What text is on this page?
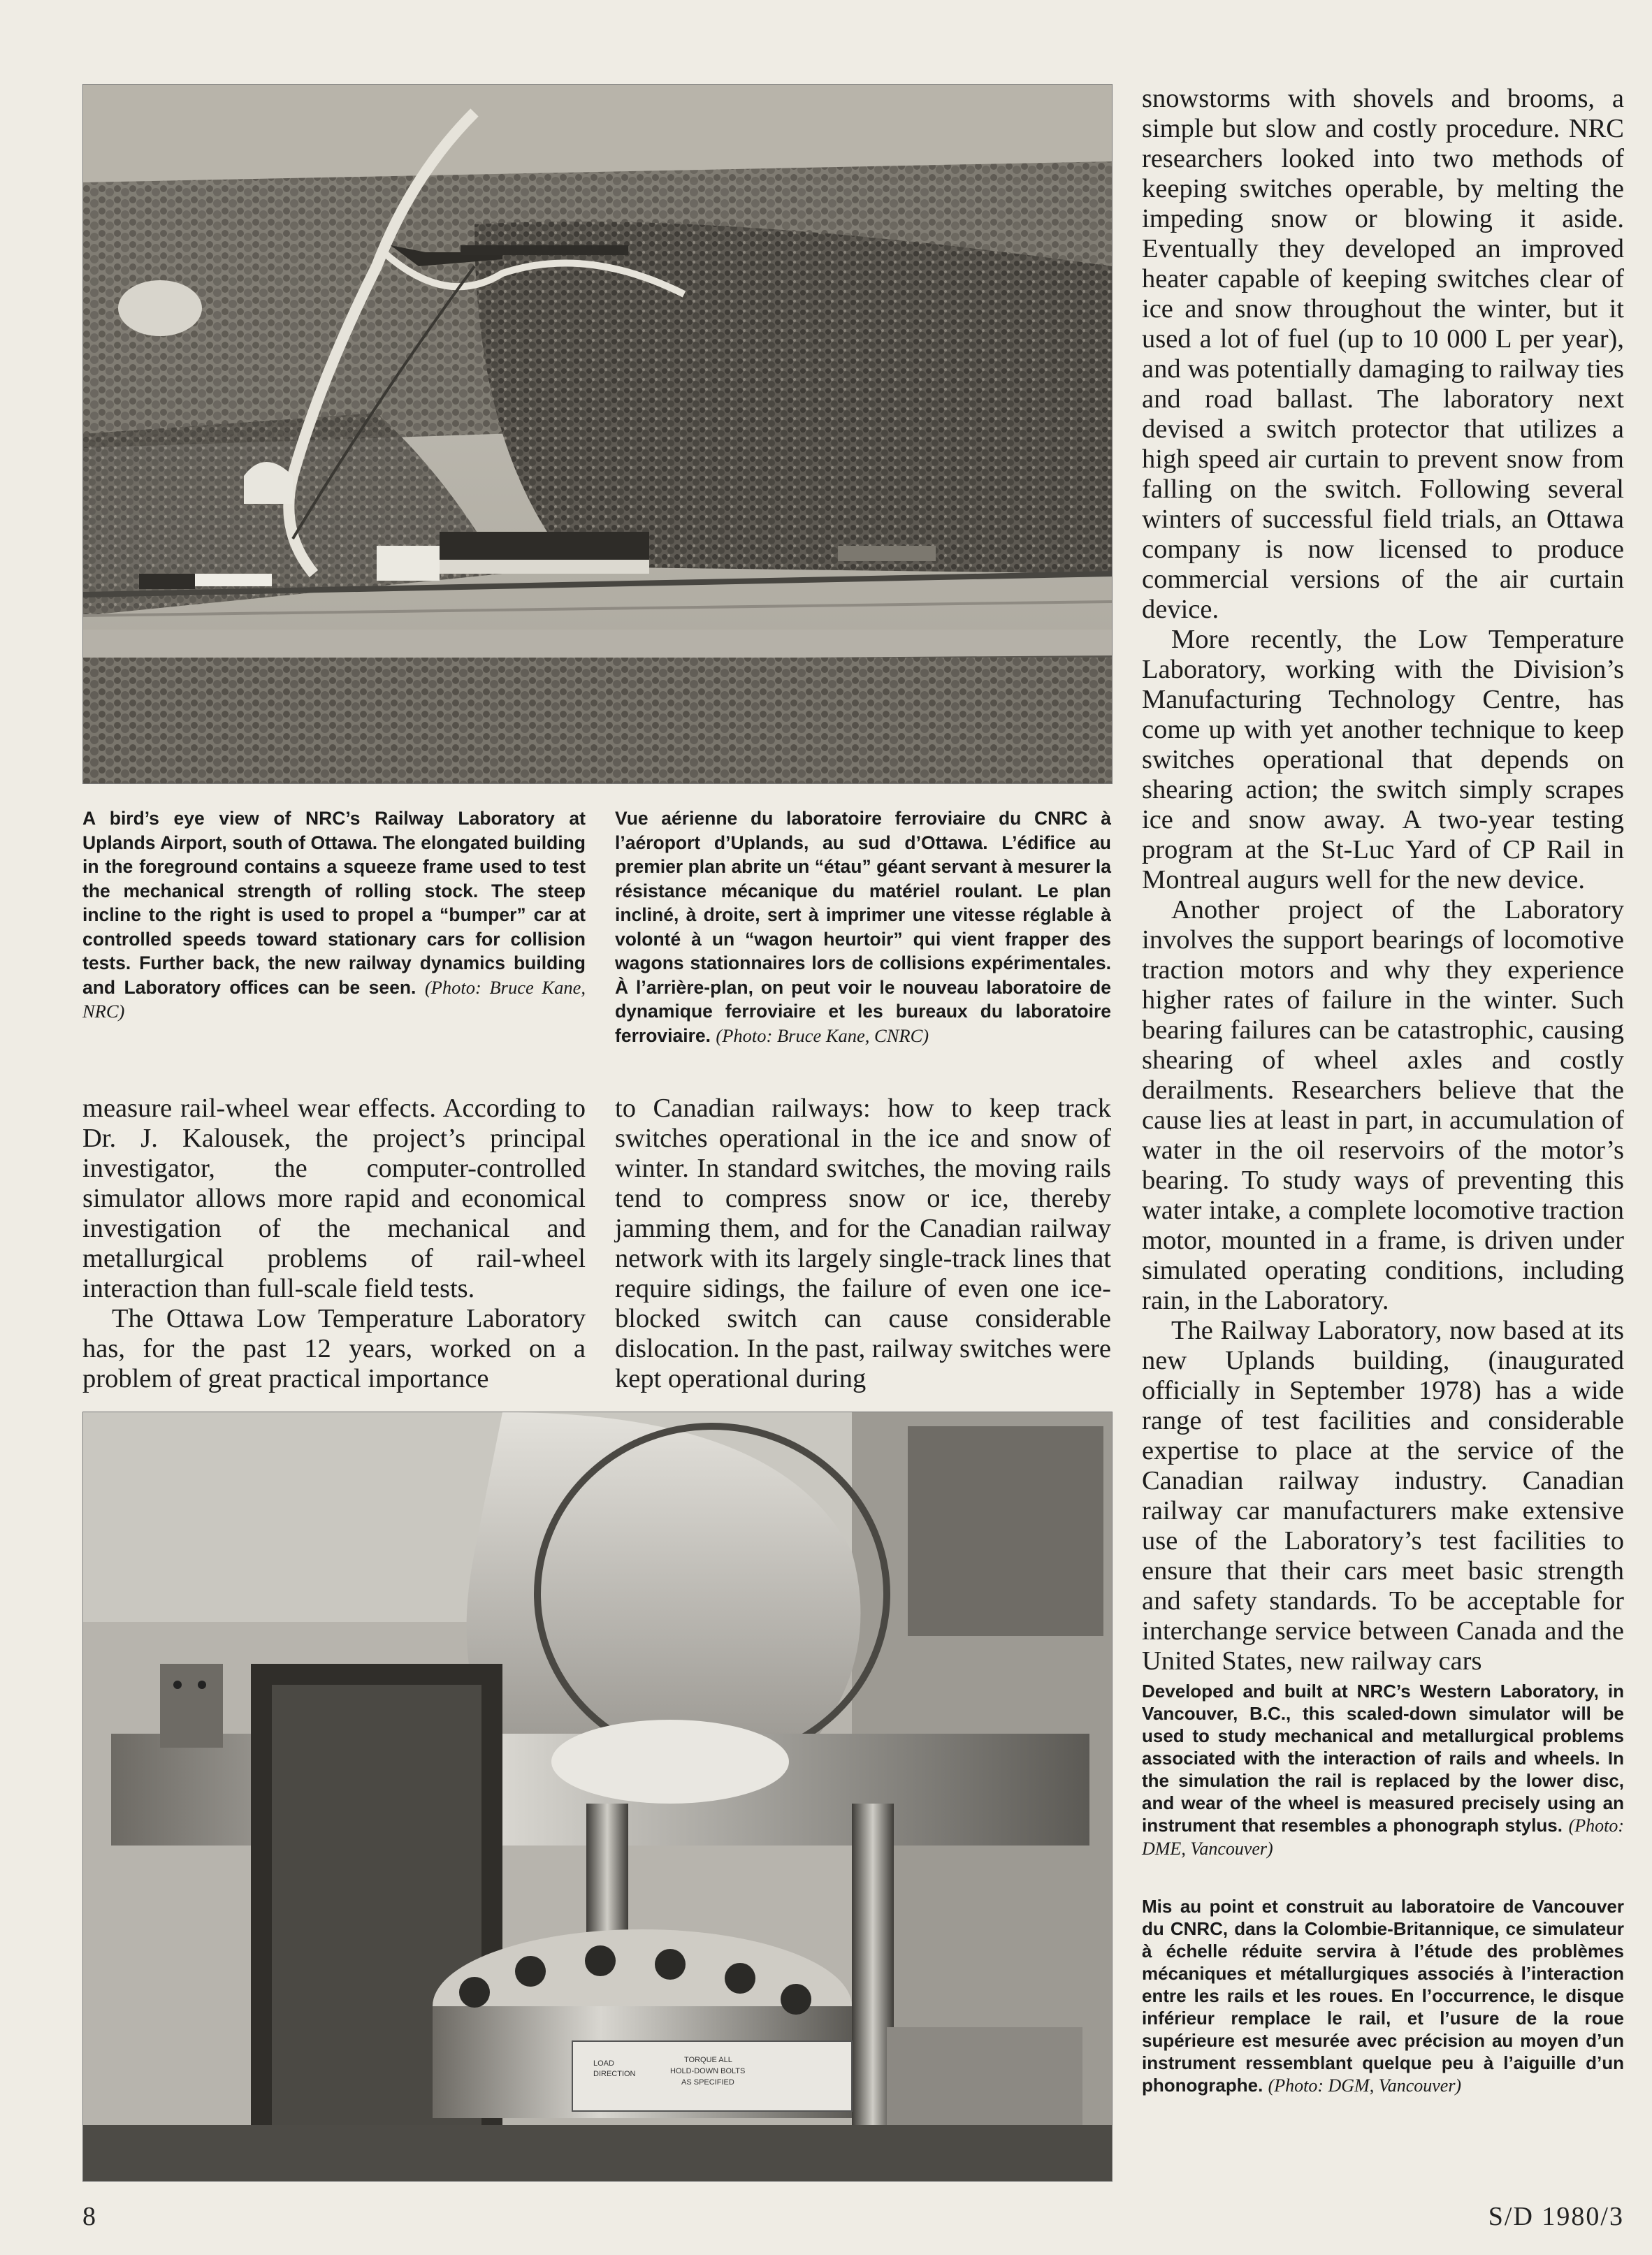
A bird’s eye view of NRC’s Railway Laboratory at Uplands Airport, south of Ottawa. The elongated building in the foreground contains a squeeze frame used to test the mechanical strength of rolling stock. The steep incline to the right is used to propel a “bumper” car at controlled speeds toward stationary cars for collision tests. Further back, the new railway dynamics building and Laboratory offices can be seen. (Photo: Bruce Kane, NRC)
Vue aérienne du laboratoire ferroviaire du CNRC à l’aéroport d’Uplands, au sud d’Ottawa. L’édifice au premier plan abrite un “étau” géant servant à mesurer la résistance mécanique du matériel roulant. Le plan incliné, à droite, sert à imprimer une vitesse réglable à volonté à un “wagon heurtoir” qui vient frapper des wagons stationnaires lors de collisions expérimentales. À l’arrière-plan, on peut voir le nouveau laboratoire de dynamique ferroviaire et les bureaux du laboratoire ferroviaire. (Photo: Bruce Kane, CNRC)

measure rail-wheel wear effects. According to Dr. J. Kalousek, the project’s principal investigator, the computer-controlled simulator allows more rapid and economical investigation of the mechanical and metallurgical problems of rail-wheel interaction than full-scale field tests.

The Ottawa Low Temperature Laboratory has, for the past 12 years, worked on a problem of great practical importance

to Canadian railways: how to keep track switches operational in the ice and snow of winter. In standard switches, the moving rails tend to compress snow or ice, thereby jamming them, and for the Canadian railway network with its largely single-track lines that require sidings, the failure of even one ice-blocked switch can cause considerable dislocation. In the past, railway switches were kept operational during

LOAD
DIRECTION
TORQUE ALL
HOLD-DOWN BOLTS
AS SPECIFIED

snowstorms with shovels and brooms, a simple but slow and costly procedure. NRC researchers looked into two methods of keeping switches operable, by melting the impeding snow or blowing it aside. Eventually they developed an improved heater capable of keeping switches clear of ice and snow throughout the winter, but it used a lot of fuel (up to 10 000 L per year), and was potentially damaging to railway ties and road ballast. The laboratory next devised a switch protector that utilizes a high speed air curtain to prevent snow from falling on the switch. Following several winters of successful field trials, an Ottawa company is now licensed to produce commercial versions of the air curtain device.

More recently, the Low Temperature Laboratory, working with the Division’s Manufacturing Technology Centre, has come up with yet another technique to keep switches operational that depends on shearing action; the switch simply scrapes ice and snow away. A two-year testing program at the St-Luc Yard of CP Rail in Montreal augurs well for the new device.

Another project of the Laboratory involves the support bearings of locomotive traction motors and why they experience higher rates of failure in the winter. Such bearing failures can be catastrophic, causing shearing of wheel axles and costly derailments. Researchers believe that the cause lies at least in part, in accumulation of water in the oil reservoirs of the motor’s bearing. To study ways of preventing this water intake, a complete locomotive traction motor, mounted in a frame, is driven under simulated operating conditions, including rain, in the Laboratory.

The Railway Laboratory, now based at its new Uplands building, (inaugurated officially in September 1978) has a wide range of test facilities and considerable expertise to place at the service of the Canadian railway industry. Canadian railway car manufacturers make extensive use of the Laboratory’s test facilities to ensure that their cars meet basic strength and safety standards. To be acceptable for interchange service between Canada and the United States, new railway cars

Developed and built at NRC’s Western Laboratory, in Vancouver, B.C., this scaled-down simulator will be used to study mechanical and metallurgical problems associated with the interaction of rails and wheels. In the simulation the rail is replaced by the lower disc, and wear of the wheel is measured precisely using an instrument that resembles a phonograph stylus. (Photo: DME, Vancouver)
Mis au point et construit au laboratoire de Vancouver du CNRC, dans la Colombie-Britannique, ce simulateur à échelle réduite servira à l’étude des problèmes mécaniques et métallurgiques associés à l’interaction entre les rails et les roues. En l’occurrence, le disque inférieur remplace le rail, et l’usure de la roue supérieure est mesurée avec précision au moyen d’un instrument ressemblant quelque peu à l’aiguille d’un phonographe. (Photo: DGM, Vancouver)
8	S/D 1980/3
